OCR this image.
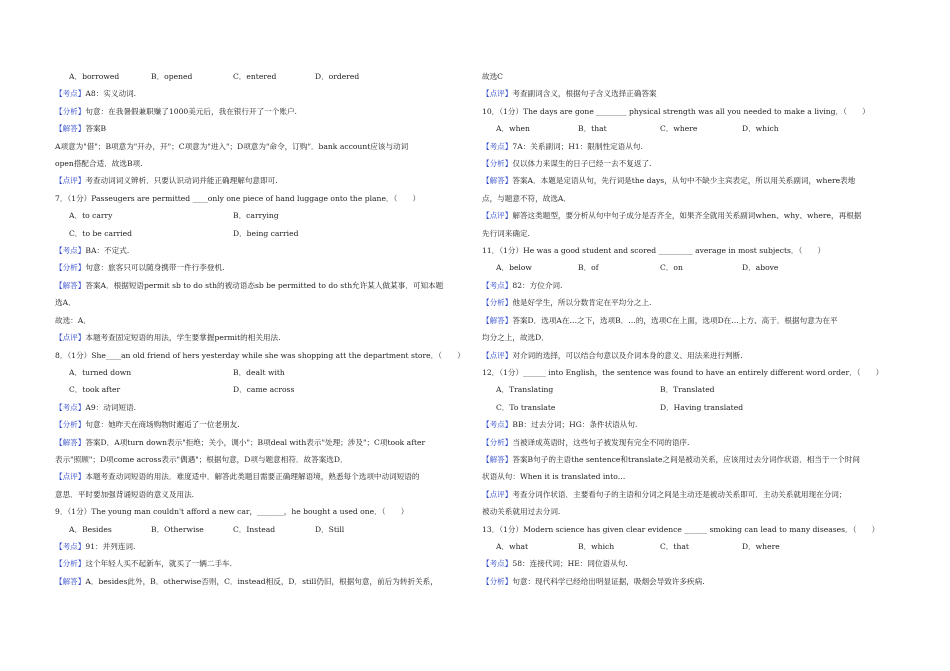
A．borrowed	B．opened	C．entered	D．ordered
【考点】A8：实义动词.
【分析】句意：在我暑假兼职赚了1000美元后，我在银行开了一个账户.
【解答】答案B
A项意为"借"；B项意为"开办，开"；C项意为"进入"；D项意为"命令，订购"．bank account应该与动词
open搭配合适．故选B项.
【点评】考查动词词义辨析．只要认识动词并能正确理解句意即可.
7．（1分）Passeugers are permitted ____only one piece of hand luggage onto the plane．（　　）
A．to carry	B．carrying
C．to be carried	D．being carried
【考点】BA：不定式.
【分析】句意：旅客只可以随身携带一件行李登机.
【解答】答案A．根据短语permit sb to do sth的被动语态sb be permitted to do sth允许某人做某事．可知本题
选A．
故选：A．
【点评】本题考查固定短语的用法，学生要掌握permit的相关用法.
8．（1分）She____an old friend of hers yesterday while she was shopping att the department store．（　　）
A．turned down	B．dealt with
C．took after	D．came across
【考点】A9：动词短语.
【分析】句意：她昨天在商场购物时邂逅了一位老朋友.
【解答】答案D．A项turn down表示"拒绝；关小，调小"；B项deal with表示"处理；涉及"；C项took after
表示"照顾"；D项come across表示"偶遇"；根据句意，D项与题意相符．故答案选D．
【点评】本题考查动词短语的用法．难度适中．解答此类题目需要正确理解语境，熟悉每个选项中动词短语的
意思．平时要加强背诵短语的意义及用法.
9．（1分）The young man couldn't afford a new car，_______，he bought a used one．（　　）
A．Besides	B．Otherwise	C．Instead	D．Still
【考点】91：并列连词.
【分析】这个年轻人买不起新车，就买了一辆二手车.
【解答】A．besides此外，B．otherwise否则，C．instead相反，D．still仍旧，根据句意，前后为转折关系，
故选C
【点评】考查副词含义，根据句子含义选择正确答案
10．（1分）The days are gone ________ physical strength was all you needed to make a living．（　　）
A．when	B．that	C．where	D．which
【考点】7A：关系副词；H1：限制性定语从句.
【分析】仅以体力来谋生的日子已经一去不复返了.
【解答】答案A．本题是定语从句，先行词是the days，从句中不缺少主宾表定，所以用关系副词，where表地
点，与题意不符，故选A．
【点评】解答这类题型，要分析从句中句子成分是否齐全，如果齐全就用关系副词when、why、where，再根据
先行词来确定.
11．（1分）He was a good student and scored _________ average in most subjects．（　　）
A．below	B．of	C．on	D．above
【考点】82：方位介词.
【分析】他是好学生，所以分数肯定在平均分之上.
【解答】答案D．选项A在…之下，选项B．…的，选项C在上面，选项D在…上方、高于．根据句意为在平
均分之上，故选D．
【点评】对介词的选择，可以结合句意以及介词本身的意义、用法来进行判断.
12．（1分）______ into English，the sentence was found to have an entirely different word order．（　　）
A．Translating	B．Translated
C．To translate	D．Having translated
【考点】BB：过去分词；HG：条件状语从句.
【分析】当被译成英语时，这些句子被发现有完全不同的语序.
【解答】答案B句子的主语the sentence和translate之间是被动关系，应该用过去分词作状语．相当于一个时间
状语从句：When it is translated into…
【点评】考查分词作状语．主要看句子的主语和分词之间是主动还是被动关系即可．主动关系就用现在分词；
被动关系就用过去分词.
13．（1分）Modern science has given clear evidence ______ smoking can lead to many diseases．（　　）
A．what	B．which	C．that	D．where
【考点】58：连接代词；HE：同位语从句.
【分析】句意：现代科学已经给出明显证据，吸烟会导致许多疾病.
